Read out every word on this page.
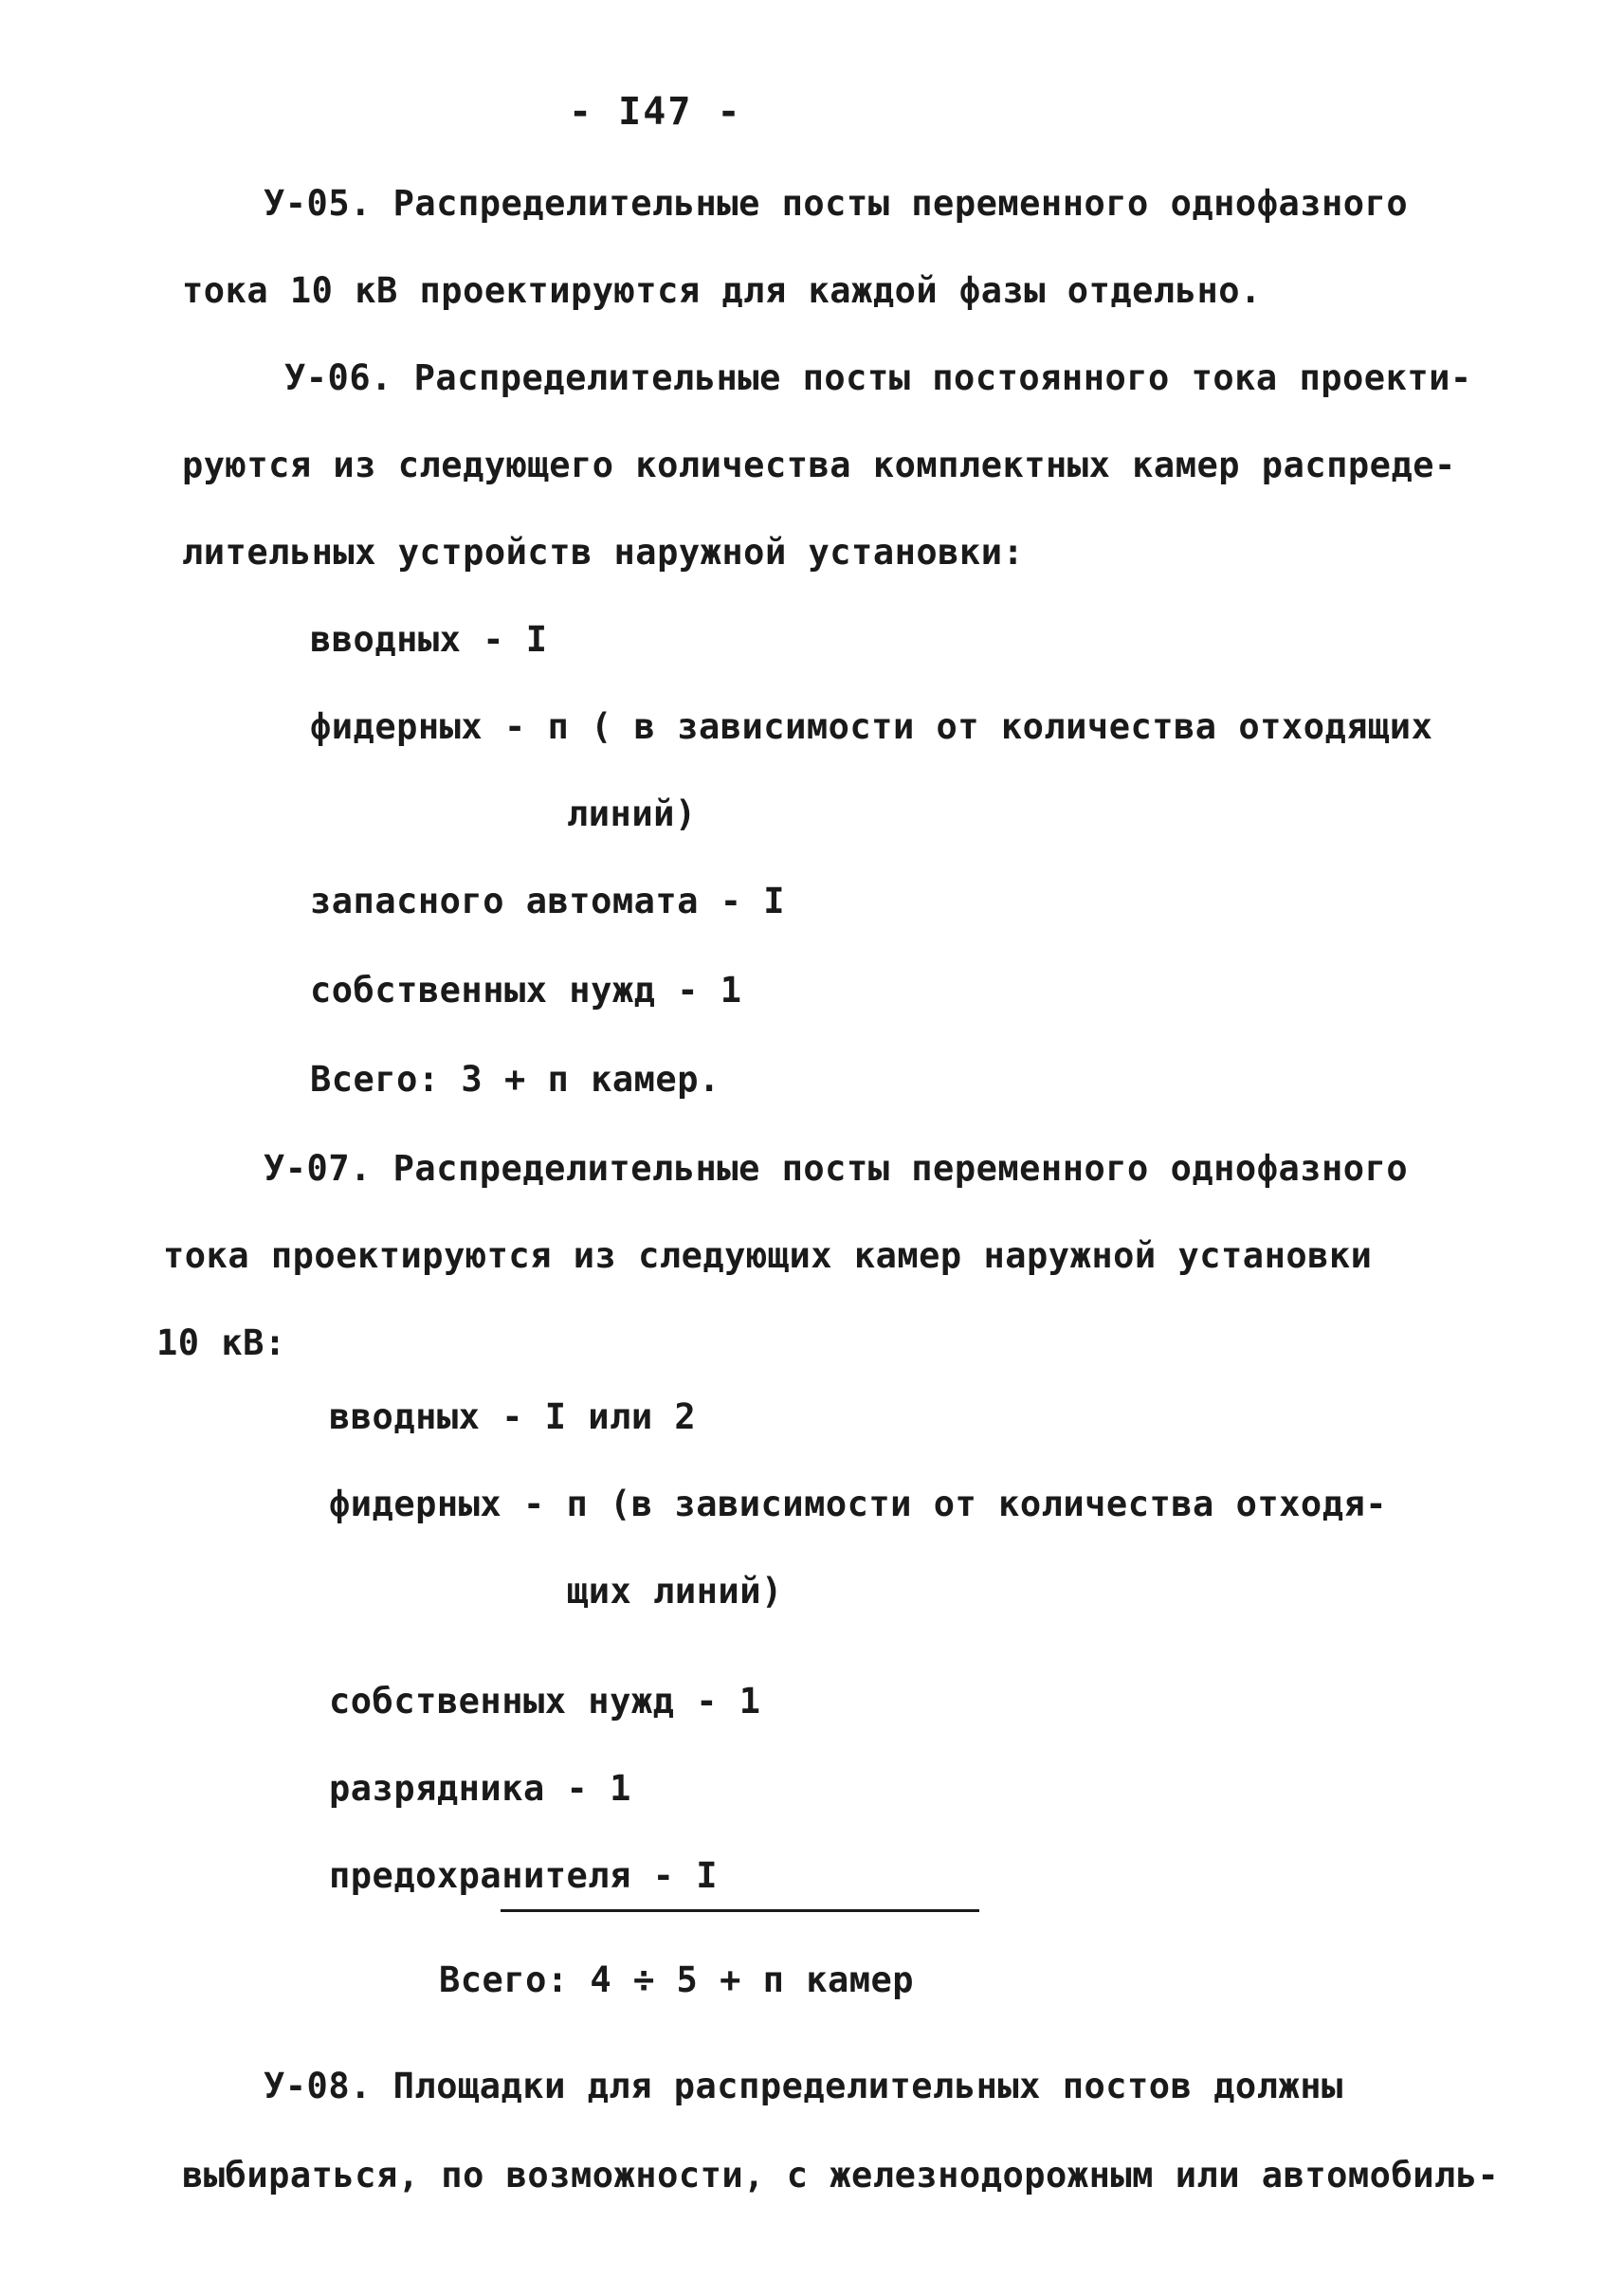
- I47 -
У-05. Распределительные посты переменного однофазного
тока 10 кВ проектируются для каждой фазы отдельно.
У-06. Распределительные посты постоянного тока проекти-
руются из следующего количества комплектных камер распреде-
лительных устройств наружной установки:
вводных - I
фидерных - п ( в зависимости от количества отходящих
линий)
запасного автомата - I
собственных нужд - 1
Всего: 3 + п камер.
У-07. Распределительные посты переменного однофазного
тока проектируются из следующих камер наружной установки
10 кВ:
вводных - I или 2
фидерных - п (в зависимости от количества отходя-
щих линий)
собственных нужд - 1
разрядника - 1
предохранителя - I
Всего: 4 ÷ 5 + п камер
У-08. Площадки для распределительных постов должны
выбираться, по возможности, с железнодорожным или автомобиль-
